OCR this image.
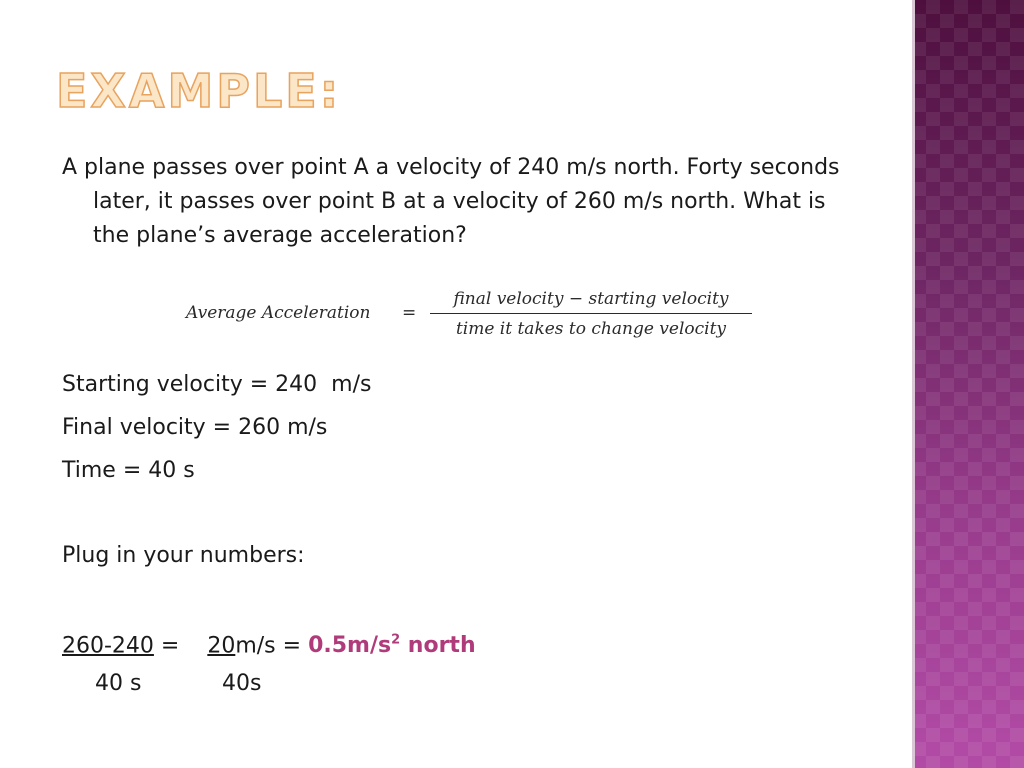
EXAMPLE:

A plane passes over point A a velocity of 240 m/s north. Forty seconds later, it passes over point B at a velocity of 260 m/s north. What is the plane’s average acceleration?

Average Acceleration =
final velocity − starting velocity
time it takes to change velocity
Starting velocity = 240  m/s
Final velocity = 260 m/s
Time = 40 s
Plug in your numbers:
260-240 =    $20m/s = 0.5m/s^2$ north
40 s	40s
